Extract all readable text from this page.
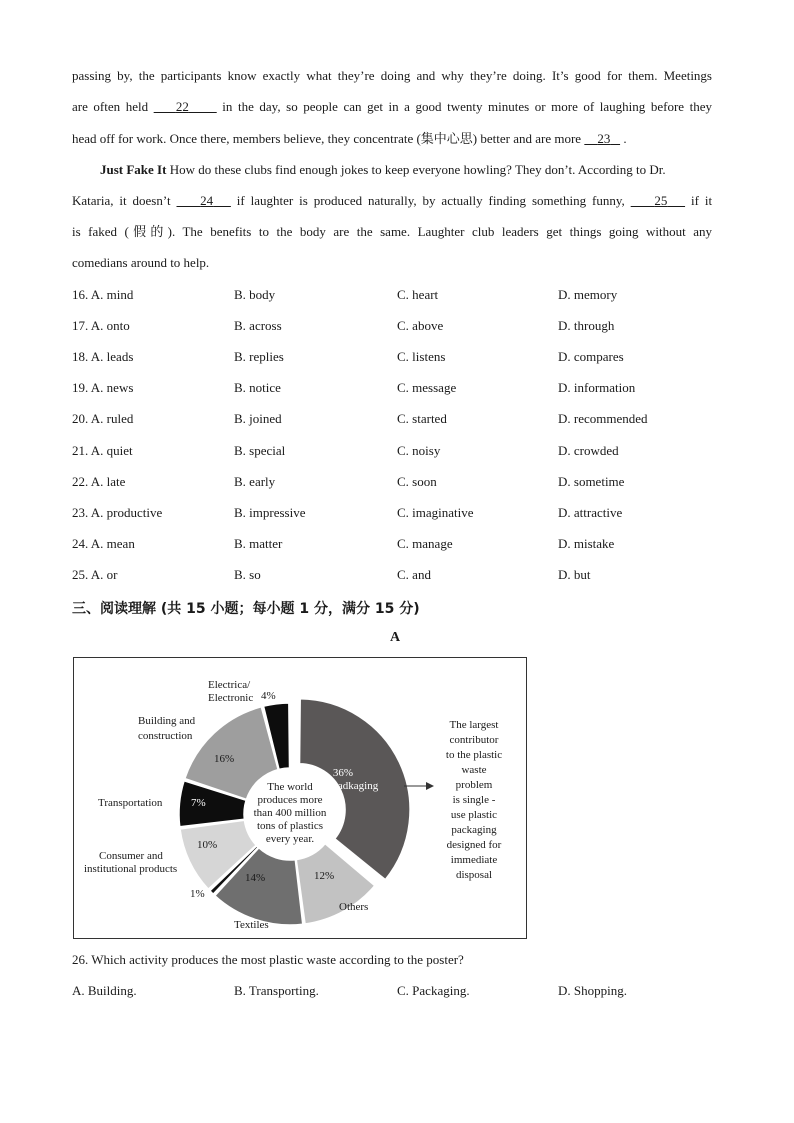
passing by, the participants know exactly what they’re doing and why they’re doing. It’s good for them. Meetings
are often held 22	in the day, so people can get in a good twenty minutes or more of laughing before they
head off for work. Once there, members believe, they concentrate (集中心思) better and are more 23 .
Just Fake It How do these clubs find enough jokes to keep everyone howling? They don’t. According to Dr.
Kataria, it doesn’t 24 if laughter is produced naturally, by actually finding something funny, 25 if it
is faked (假的). The benefits to the body are the same. Laughter club leaders get things going without any
comedians around to help.
16. A. mind	B. body	C. heart	D. memory
17. A. onto	B. across	C. above	D. through
18. A. leads	B. replies	C. listens	D. compares
19. A. news	B. notice	C. message	D. information
20. A. ruled	B. joined	C. started	D. recommended
21. A. quiet	B. special	C. noisy	D. crowded
22. A. late	B. early	C. soon	D. sometime
23. A. productive	B. impressive	C. imaginative	D. attractive
24. A. mean	B. matter	C. manage	D. mistake
25. A. or	B. so	C. and	D. but
三、阅读理解 (共 15 小题；每小题 1 分，满分 15 分)
A
The world
produces more
than 400 million
tons of plastics
every year.
Electrica/
Electronic 4%
Building and
construction
16%
Transportation	7%
Consumer and
institutional products
10%
1%
14%
Textiles
12%
Others
36%
Padkaging
The largest
contributor
to the plastic
waste
problem
is single -
use plastic
packaging
designed for
immediate
disposal
26. Which activity produces the most plastic waste according to the poster?
A. Building.	B. Transporting.	C. Packaging.	D. Shopping.
